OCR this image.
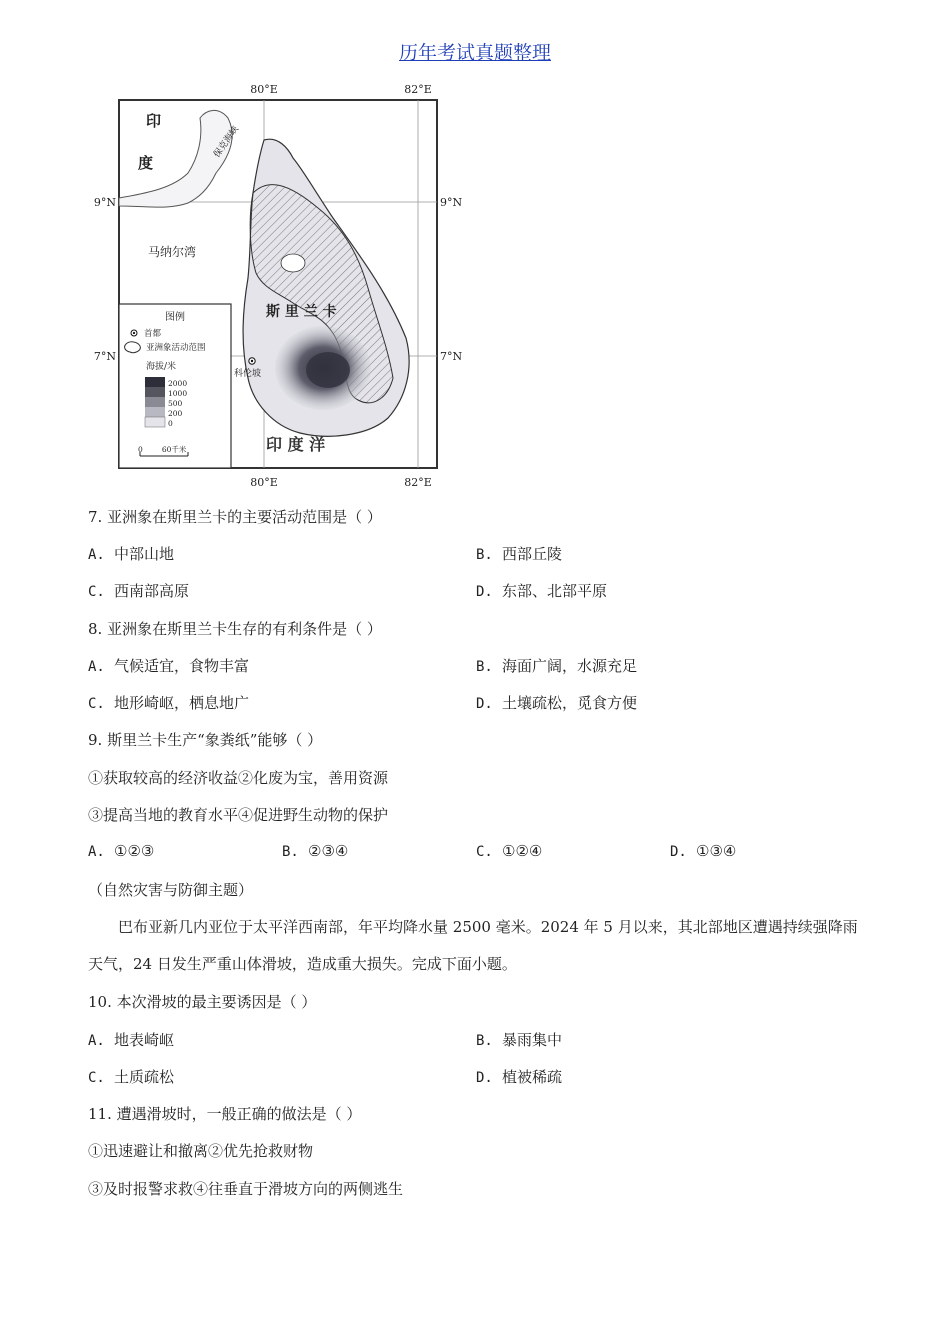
历年考试真题整理
80°E	82°E
80°E	82°E
9°N	9°N
7°N	7°N
印
度
马纳尔湾
保克海峡
斯 里 兰 卡
科伦坡
印 度 洋
图例
首都
亚洲象活动范围
海拔/米
2000
1000
500
200
0
0        60千米
7. 亚洲象在斯里兰卡的主要活动范围是（ ）
A. 中部山地	B. 西部丘陵
C. 西南部高原	D. 东部、北部平原
8. 亚洲象在斯里兰卡生存的有利条件是（ ）
A. 气候适宜，食物丰富	B. 海面广阔，水源充足
C. 地形崎岖，栖息地广	D. 土壤疏松，觅食方便
9. 斯里兰卡生产“象粪纸”能够（ ）
①获取较高的经济收益②化废为宝，善用资源
③提高当地的教育水平④促进野生动物的保护
A. ①②③	B. ②③④	C. ①②④	D. ①③④
（自然灾害与防御主题）
巴布亚新几内亚位于太平洋西南部，年平均降水量 2500 毫米。2024 年 5 月以来，其北部地区遭遇持续强降雨天气，24 日发生严重山体滑坡，造成重大损失。完成下面小题。
10. 本次滑坡的最主要诱因是（ ）
A. 地表崎岖	B. 暴雨集中
C. 土质疏松	D. 植被稀疏
11. 遭遇滑坡时，一般正确的做法是（ ）
①迅速避让和撤离②优先抢救财物
③及时报警求救④往垂直于滑坡方向的两侧逃生
